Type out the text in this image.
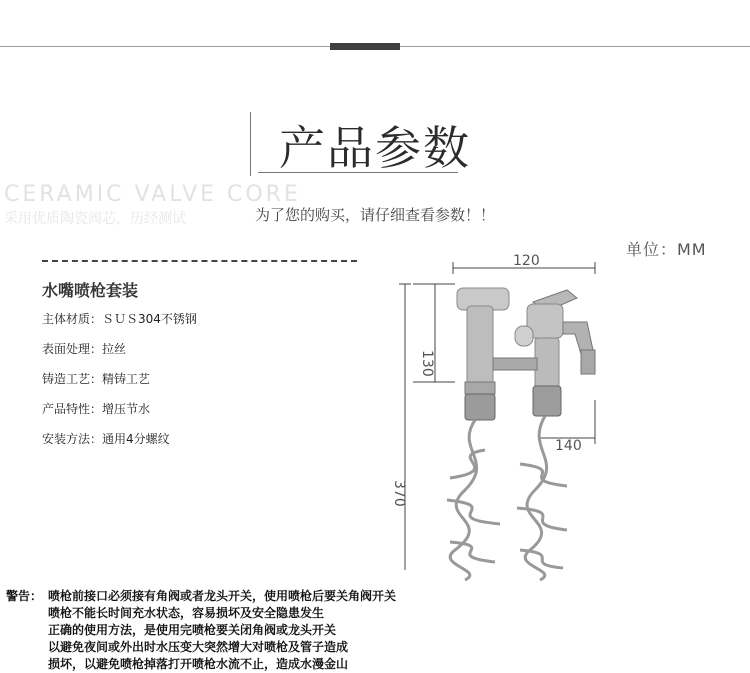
CERAMIC VALVE CORE
采用优质陶瓷阀芯，历经测试
产品参数
为了您的购买，请仔细查看参数！！
单位：MM
水嘴喷枪套装
主体材质：ＳＵＳ304不锈钢
表面处理：拉丝
铸造工艺：精铸工艺
产品特性：增压节水
安装方法：通用4分螺纹
120
130
370
140
警告： 喷枪前接口必须接有角阀或者龙头开关，使用喷枪后要关角阀开关
喷枪不能长时间充水状态，容易损坏及安全隐患发生
正确的使用方法，是使用完喷枪要关闭角阀或龙头开关
以避免夜间或外出时水压变大突然增大对喷枪及管子造成
损坏，以避免喷枪掉落打开喷枪水流不止，造成水漫金山
